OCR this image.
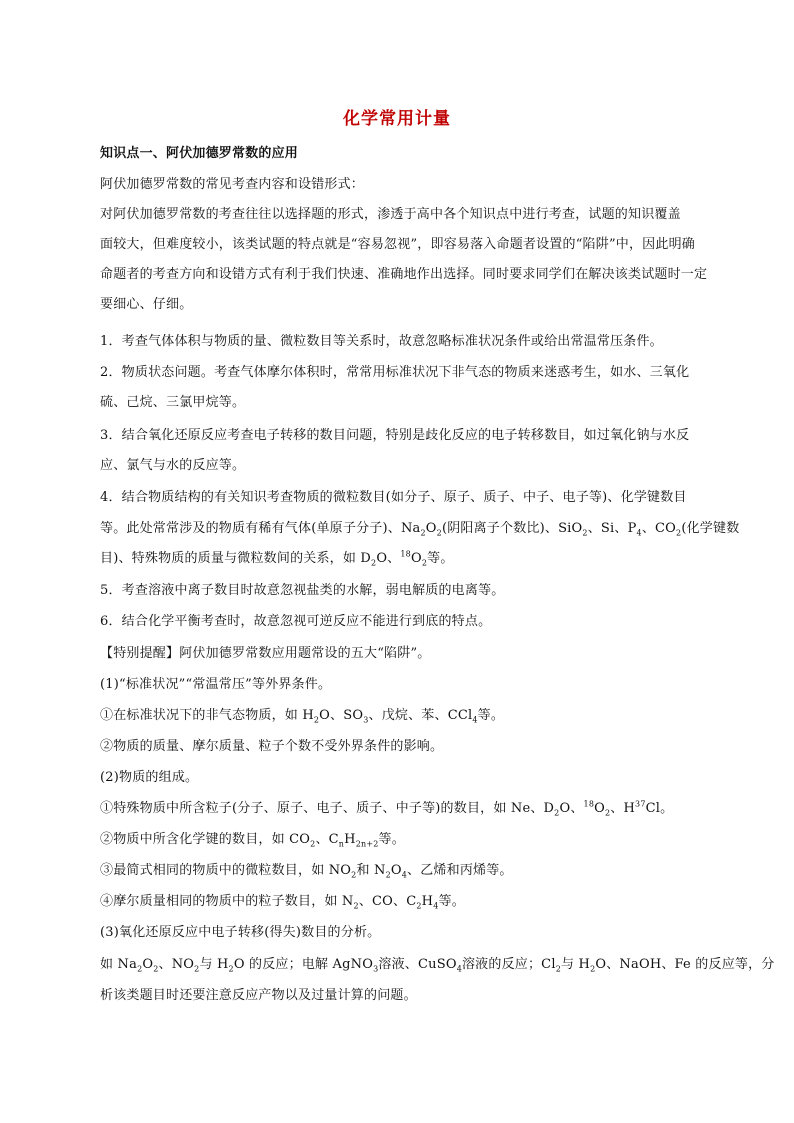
化学常用计量
知识点一、阿伏加德罗常数的应用
阿伏加德罗常数的常见考查内容和设错形式：
对阿伏加德罗常数的考查往往以选择题的形式，渗透于高中各个知识点中进行考查，试题的知识覆盖
面较大，但难度较小，该类试题的特点就是“容易忽视”，即容易落入命题者设置的“陷阱”中，因此明确
命题者的考查方向和设错方式有利于我们快速、准确地作出选择。同时要求同学们在解决该类试题时一定
要细心、仔细。
1．考查气体体积与物质的量、微粒数目等关系时，故意忽略标准状况条件或给出常温常压条件。
2．物质状态问题。考查气体摩尔体积时，常常用标准状况下非气态的物质来迷惑考生，如水、三氧化
硫、己烷、三氯甲烷等。
3．结合氧化还原反应考查电子转移的数目问题，特别是歧化反应的电子转移数目，如过氧化钠与水反
应、氯气与水的反应等。
4．结合物质结构的有关知识考查物质的微粒数目(如分子、原子、质子、中子、电子等)、化学键数目
等。此处常常涉及的物质有稀有气体(单原子分子)、$Na_2O_2$(阴阳离子个数比)、SiO$_2$、Si、$P_4$、$CO_2$(化学键数
目)、特殊物质的质量与微粒数间的关系，如 $D_2O$、$^{18}O_2$等。
5．考查溶液中离子数目时故意忽视盐类的水解，弱电解质的电离等。
6．结合化学平衡考查时，故意忽视可逆反应不能进行到底的特点。
【特别提醒】阿伏加德罗常数应用题常设的五大“陷阱”。
(1)“标准状况”“常温常压”等外界条件。
①在标准状况下的非气态物质，如 $H_2O$、$SO_3$、戊烷、苯、CCl$_4$等。
②物质的质量、摩尔质量、粒子个数不受外界条件的影响。
(2)物质的组成。
①特殊物质中所含粒子(分子、原子、电子、质子、中子等)的数目，如 Ne、$D_2O$、$^{18}O_2$、$H^{37}Cl$。
②物质中所含化学键的数目，如 $CO_2$、$C_nH_{2n+2}$等。
③最简式相同的物质中的微粒数目，如 $NO_2$和 $N_2O_4$、乙烯和丙烯等。
④摩尔质量相同的物质中的粒子数目，如 $N_2$、CO、$C_2H_4$等。
(3)氧化还原反应中电子转移(得失)数目的分析。
如 $Na_2O_2$、$NO_2$与 $H_2O$ 的反应；电解 AgNO$_3$溶液、CuSO$_4$溶液的反应；$Cl_2$与 $H_2O$、NaOH、Fe 的反应等，分
析该类题目时还要注意反应产物以及过量计算的问题。
